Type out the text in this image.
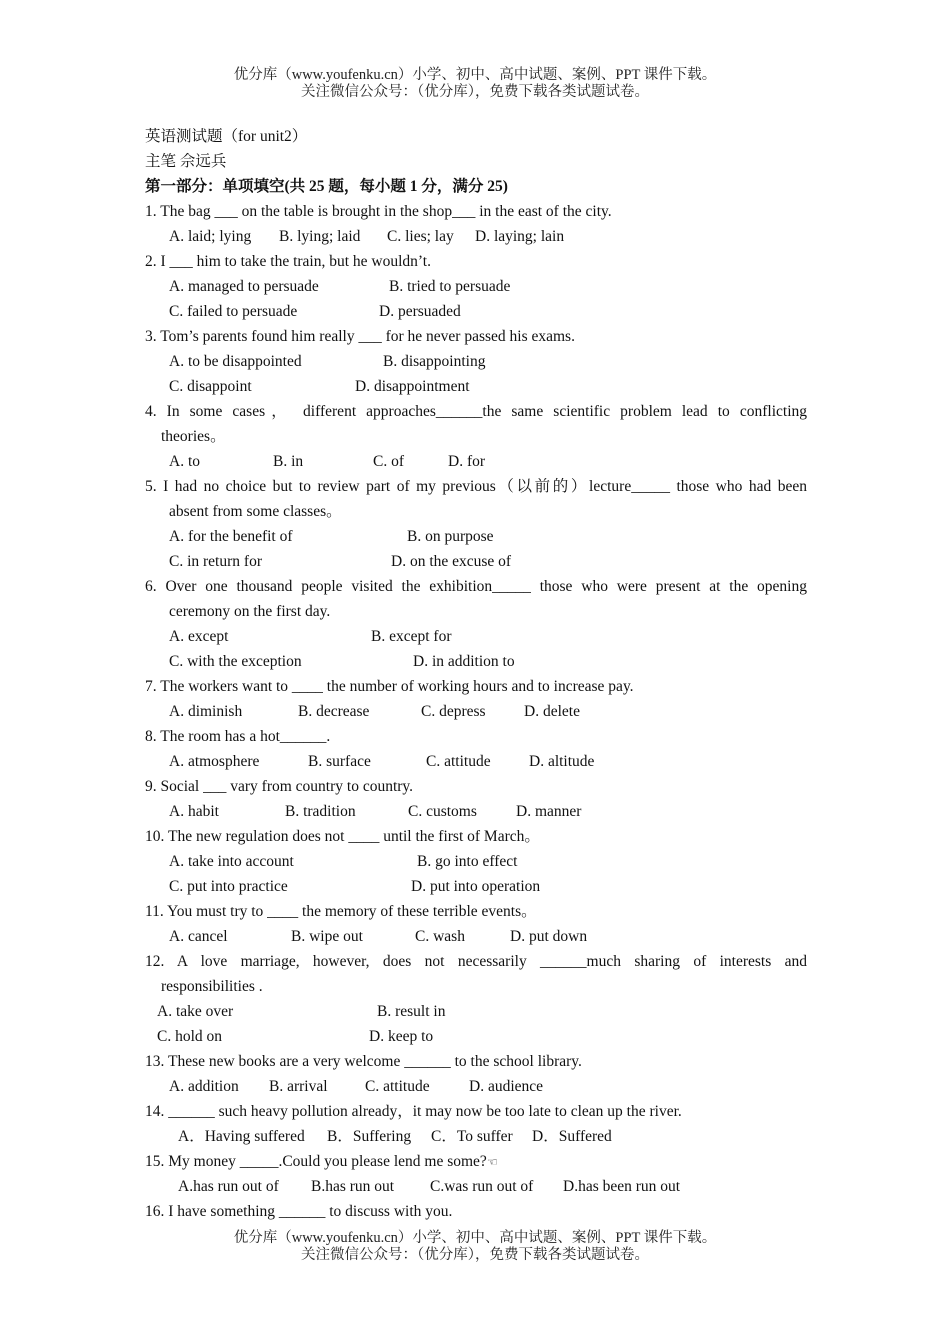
优分库（www.youfenku.cn）小学、初中、高中试题、案例、PPT 课件下载。
关注微信公众号：（优分库），免费下载各类试题试卷。
英语测试题（for unit2）
主笔 佘远兵
第一部分：单项填空(共 25 题，每小题 1 分，满分 25)
1. The bag ___ on the table is brought in the shop___ in the east of the city.
A. laid; lying B. lying; laid C. lies; lay D. laying; lain
2. I ___ him to take the train, but he wouldn’t.
A. managed to persuade	B. tried to persuade
C. failed to persuade	D. persuaded
3. Tom’s parents found him really ___ for he never passed his exams.
A. to be disappointed	B. disappointing
C. disappoint	D. disappointment
4. In some cases， different approaches______the same scientific problem lead to conflicting
theories。
A. to	B. in	C. of	D. for
5. I had no choice but to review part of my previous（以前的）lecture_____ those who had been
absent from some classes。
A. for the benefit of	B. on purpose
C. in return for	D. on the excuse of
6. Over one thousand people visited the exhibition_____ those who were present at the opening
ceremony on the first day.
A. except	B. except for
C. with the exception	D. in addition to
7. The workers want to ____ the number of working hours and to increase pay.
A. diminish	B. decrease	C. depress D. delete
8. The room has a hot______.
A. atmosphere	B. surface	C. attitude D. altitude
9. Social ___ vary from country to country.
A. habit	B. tradition	C. customs	D. manner
10. The new regulation does not ____ until the first of March。
A. take into account	B. go into effect
C. put into practice	D. put into operation
11. You must try to ____ the memory of these terrible events。
A. cancel	B. wipe out	C. wash	D. put down
12. A love marriage, however, does not necessarily ______much sharing of interests and
responsibilities .
A. take over	B. result in
C. hold on	D. keep to
13. These new books are a very welcome ______ to the school library.
A. addition B. arrival C. attitude	D. audience
14. ______ such heavy pollution already，it may now be too late to clean up the river.
A．Having suffered B．Suffering C．To suffer D．Suffered
15. My money _____.Could you please lend me some?☜
A.has run out of B.has run out C.was run out of D.has been run out
16. I have something ______ to discuss with you.
优分库（www.youfenku.cn）小学、初中、高中试题、案例、PPT 课件下载。
关注微信公众号：（优分库），免费下载各类试题试卷。
